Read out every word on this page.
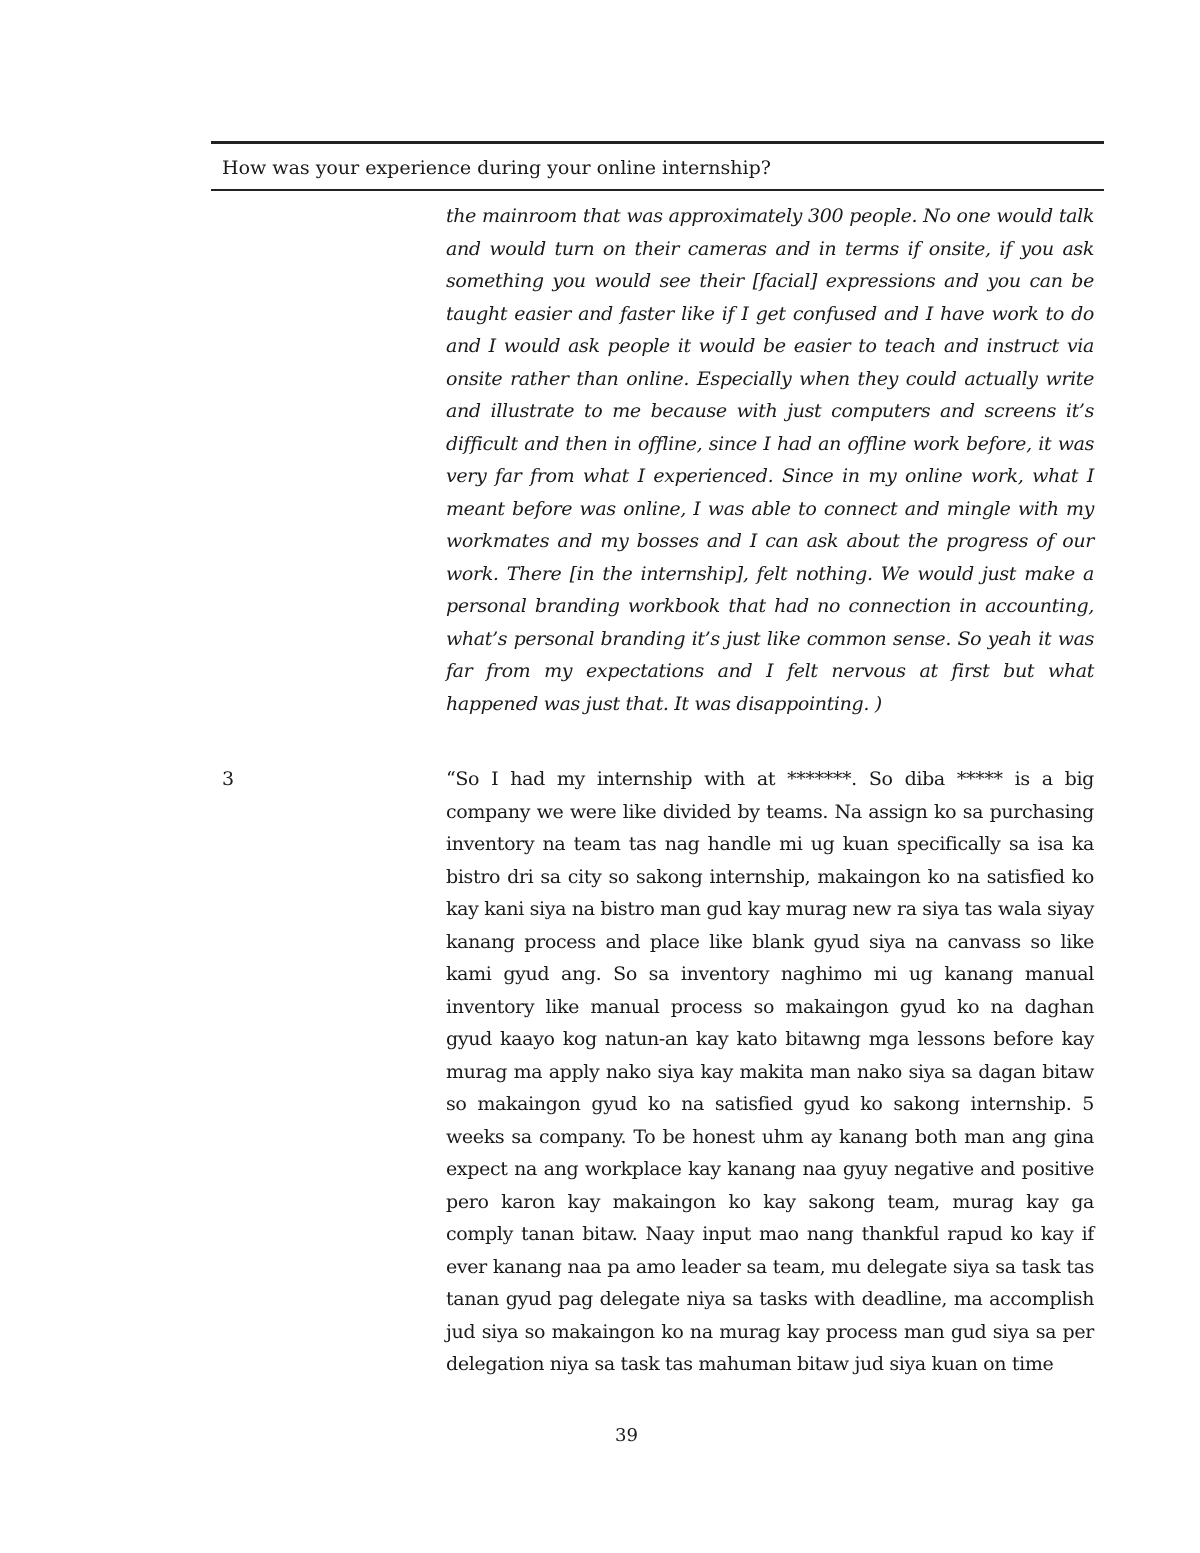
How was your experience during your online internship?

the mainroom that was approximately 300 people. No one would talk and would turn on their cameras and in terms if onsite, if you ask something you would see their [facial] expressions and you can be taught easier and faster like if I get confused and I have work to do and I would ask people it would be easier to teach and instruct via onsite rather than online. Especially when they could actually write and illustrate to me because with just computers and screens it’s difficult and then in offline, since I had an offline work before, it was very far from what I experienced. Since in my online work, what I meant before was online, I was able to connect and mingle with my workmates and my bosses and I can ask about the progress of our work. There [in the internship], felt nothing. We would just make a personal branding workbook that had no connection in accounting, what’s personal branding it’s just like common sense. So yeah it was far from my expectations and I felt nervous at first but what happened was just that. It was disappointing. )

3	“So I had my internship with at *******. So diba ***** is a big company we were like divided by teams. Na assign ko sa purchasing inventory na team tas nag handle mi ug kuan specifically sa isa ka bistro dri sa city so sakong internship, makaingon ko na satisfied ko kay kani siya na bistro man gud kay murag new ra siya tas wala siyay kanang process and place like blank gyud siya na canvass so like kami gyud ang. So sa inventory naghimo mi ug kanang manual inventory like manual process so makaingon gyud ko na daghan gyud kaayo kog natun-an kay kato bitawng mga lessons before kay murag ma apply nako siya kay makita man nako siya sa dagan bitaw so makaingon gyud ko na satisfied gyud ko sakong internship. 5 weeks sa company. To be honest uhm ay kanang both man ang gina expect na ang workplace kay kanang naa gyuy negative and positive pero karon kay makaingon ko kay sakong team, murag kay ga comply tanan bitaw. Naay input mao nang thankful rapud ko kay if ever kanang naa pa amo leader sa team, mu delegate siya sa task tas tanan gyud pag delegate niya sa tasks with deadline, ma accomplish jud siya so makaingon ko na murag kay process man gud siya sa per delegation niya sa task tas mahuman bitaw jud siya kuan on time

39
